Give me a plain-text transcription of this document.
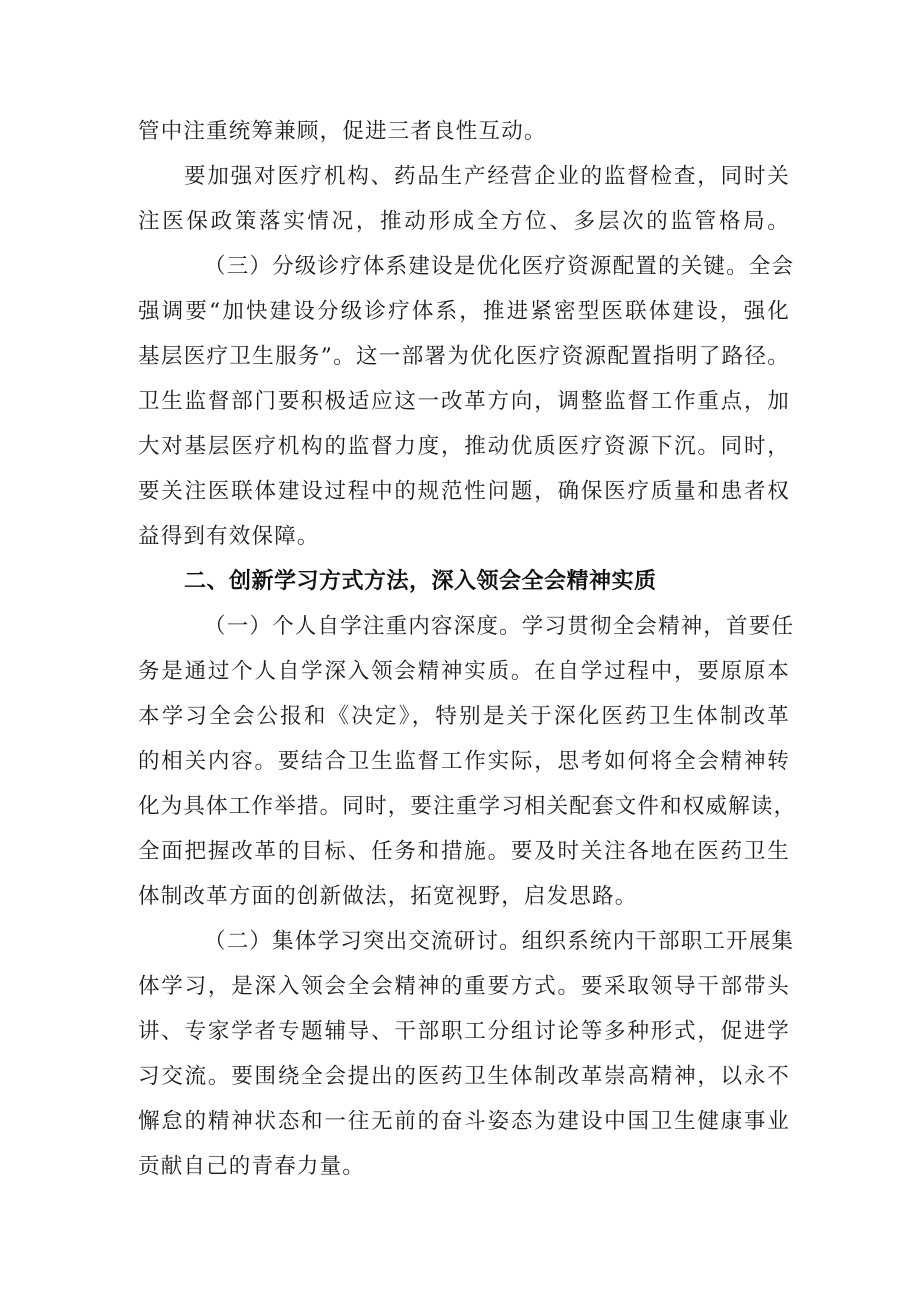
管中注重统筹兼顾，促进三者良性互动。
要加强对医疗机构、药品生产经营企业的监督检查，同时关
注医保政策落实情况，推动形成全方位、多层次的监管格局。
（三）分级诊疗体系建设是优化医疗资源配置的关键。全会
强调要“加快建设分级诊疗体系，推进紧密型医联体建设，强化
基层医疗卫生服务”。这一部署为优化医疗资源配置指明了路径。
卫生监督部门要积极适应这一改革方向，调整监督工作重点，加
大对基层医疗机构的监督力度，推动优质医疗资源下沉。同时，
要关注医联体建设过程中的规范性问题，确保医疗质量和患者权
益得到有效保障。
二、创新学习方式方法，深入领会全会精神实质
（一）个人自学注重内容深度。学习贯彻全会精神，首要任
务是通过个人自学深入领会精神实质。在自学过程中，要原原本
本学习全会公报和《决定》，特别是关于深化医药卫生体制改革
的相关内容。要结合卫生监督工作实际，思考如何将全会精神转
化为具体工作举措。同时，要注重学习相关配套文件和权威解读，
全面把握改革的目标、任务和措施。要及时关注各地在医药卫生
体制改革方面的创新做法，拓宽视野，启发思路。
（二）集体学习突出交流研讨。组织系统内干部职工开展集
体学习，是深入领会全会精神的重要方式。要采取领导干部带头
讲、专家学者专题辅导、干部职工分组讨论等多种形式，促进学
习交流。要围绕全会提出的医药卫生体制改革崇高精神，以永不
懈怠的精神状态和一往无前的奋斗姿态为建设中国卫生健康事业
贡献自己的青春力量。
